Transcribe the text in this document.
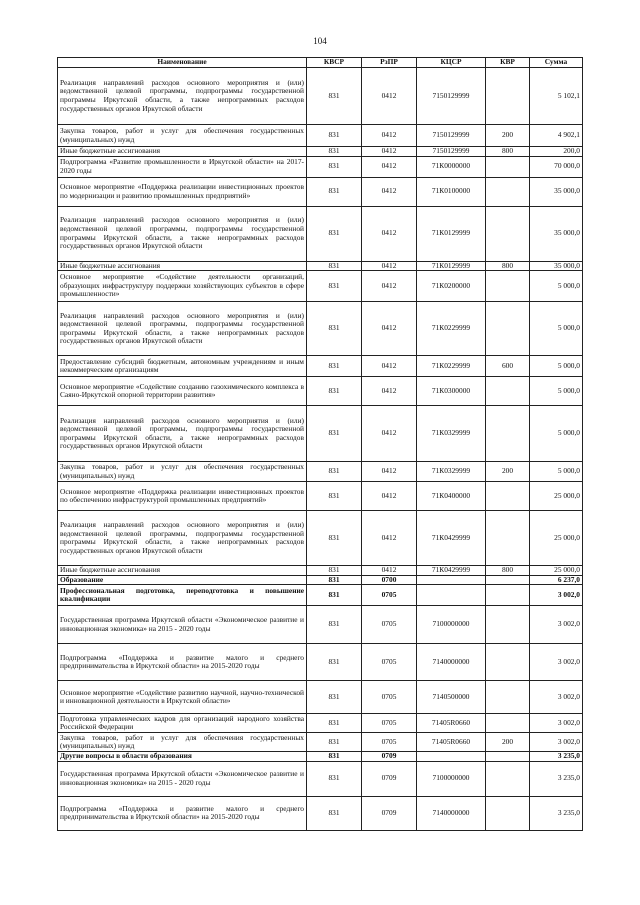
104
Наименование	КВСР	РзПР	КЦСР	КВР	Сумма
Реализация направлений расходов основного мероприятия и (или) ведомственной целевой программы, подпрограммы государственной программы Иркутской области, а также непрограммных расходов государственных органов Иркутской области	831	0412	7150129999		5 102,1
Закупка товаров, работ и услуг для обеспечения государственных (муниципальных) нужд	831	0412	7150129999	200	4 902,1
Иные бюджетные ассигнования	831	0412	7150129999	800	200,0
Подпрограмма «Развитие промышленности в Иркутской области» на 2017-2020 годы	831	0412	71К0000000		70 000,0
Основное мероприятие «Поддержка реализации инвестиционных проектов по модернизации и развитию промышленных предприятий»	831	0412	71К0100000		35 000,0
Реализация направлений расходов основного мероприятия и (или) ведомственной целевой программы, подпрограммы государственной программы Иркутской области, а также непрограммных расходов государственных органов Иркутской области	831	0412	71К0129999		35 000,0
Иные бюджетные ассигнования	831	0412	71К0129999	800	35 000,0
Основное мероприятие «Содействие деятельности организаций, образующих инфраструктуру поддержки хозяйствующих субъектов в сфере промышленности»	831	0412	71К0200000		5 000,0
Реализация направлений расходов основного мероприятия и (или) ведомственной целевой программы, подпрограммы государственной программы Иркутской области, а также непрограммных расходов государственных органов Иркутской области	831	0412	71К0229999		5 000,0
Предоставление субсидий бюджетным, автономным учреждениям и иным некоммерческим организациям	831	0412	71К0229999	600	5 000,0
Основное мероприятие «Содействие созданию газохимического комплекса в Саяно-Иркутской опорной территории развития»	831	0412	71К0300000		5 000,0
Реализация направлений расходов основного мероприятия и (или) ведомственной целевой программы, подпрограммы государственной программы Иркутской области, а также непрограммных расходов государственных органов Иркутской области	831	0412	71К0329999		5 000,0
Закупка товаров, работ и услуг для обеспечения государственных (муниципальных) нужд	831	0412	71К0329999	200	5 000,0
Основное мероприятие «Поддержка реализации инвестиционных проектов по обеспечению инфраструктурой промышленных предприятий»	831	0412	71К0400000		25 000,0
Реализация направлений расходов основного мероприятия и (или) ведомственной целевой программы, подпрограммы государственной программы Иркутской области, а также непрограммных расходов государственных органов Иркутской области	831	0412	71К0429999		25 000,0
Иные бюджетные ассигнования	831	0412	71К0429999	800	25 000,0
Образование	831	0700			6 237,0
Профессиональная подготовка, переподготовка и повышение квалификации	831	0705			3 002,0
Государственная программа Иркутской области «Экономическое развитие и инновационная экономика» на 2015 - 2020 годы	831	0705	7100000000		3 002,0
Подпрограмма «Поддержка и развитие малого и среднего предпринимательства в Иркутской области» на 2015-2020 годы	831	0705	7140000000		3 002,0
Основное мероприятие «Содействие развитию научной, научно-технической и инновационной деятельности в Иркутской области»	831	0705	7140500000		3 002,0
Подготовка управленческих кадров для организаций народного хозяйства Российской Федерации	831	0705	71405R0660		3 002,0
Закупка товаров, работ и услуг для обеспечения государственных (муниципальных) нужд	831	0705	71405R0660	200	3 002,0
Другие вопросы в области образования	831	0709			3 235,0
Государственная программа Иркутской области «Экономическое развитие и инновационная экономика» на 2015 - 2020 годы	831	0709	7100000000		3 235,0
Подпрограмма «Поддержка и развитие малого и среднего предпринимательства в Иркутской области» на 2015-2020 годы	831	0709	7140000000		3 235,0
